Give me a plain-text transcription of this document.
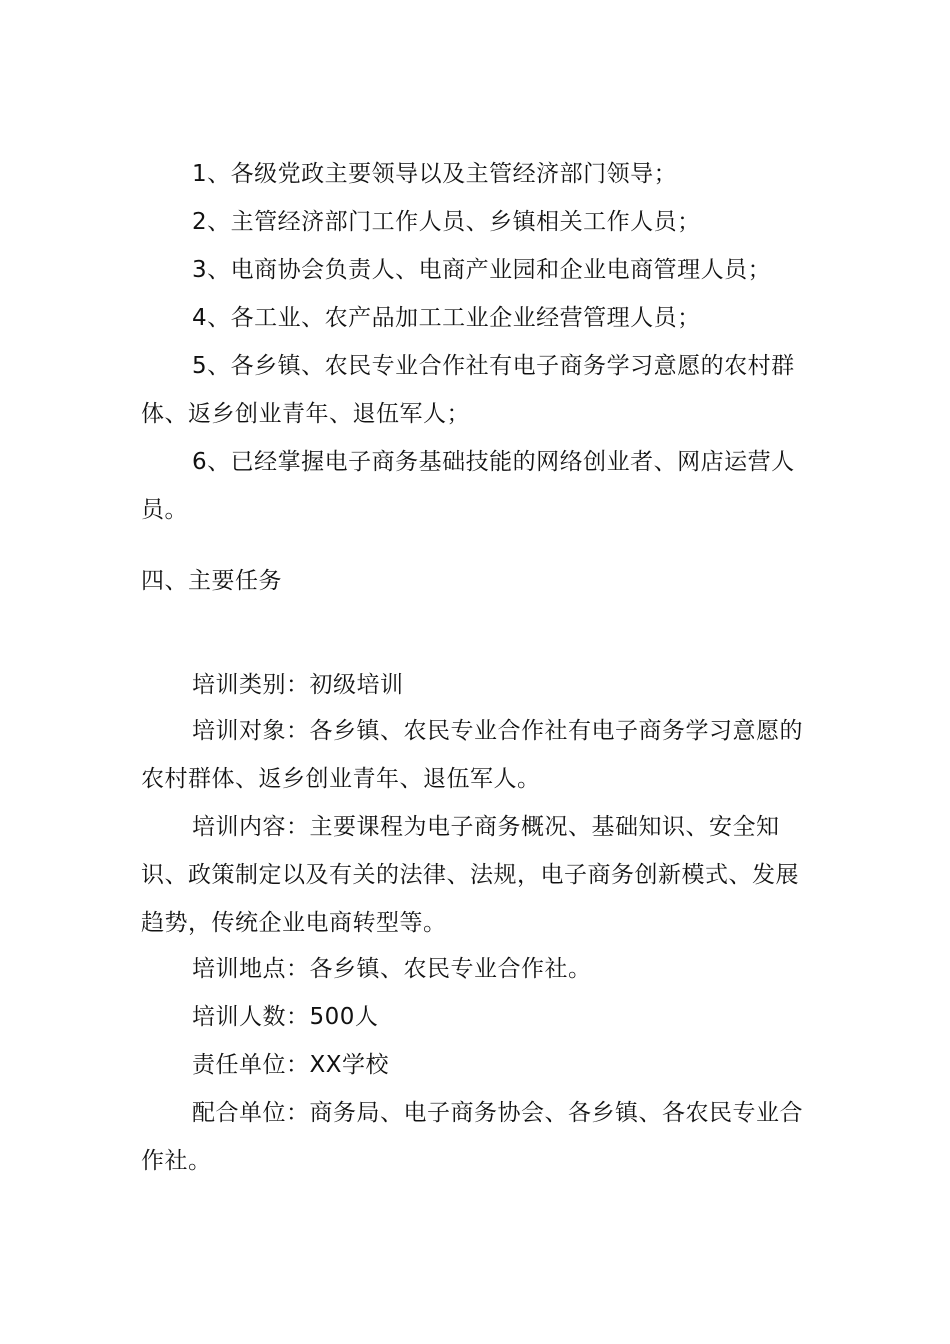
1、各级党政主要领导以及主管经济部门领导；
2、主管经济部门工作人员、乡镇相关工作人员；
3、电商协会负责人、电商产业园和企业电商管理人员；
4、各工业、农产品加工工业企业经营管理人员；
5、各乡镇、农民专业合作社有电子商务学习意愿的农村群体、返乡创业青年、退伍军人；
6、已经掌握电子商务基础技能的网络创业者、网店运营人员。
四、主要任务
培训类别：初级培训
培训对象：各乡镇、农民专业合作社有电子商务学习意愿的农村群体、返乡创业青年、退伍军人。
培训内容：主要课程为电子商务概况、基础知识、安全知识、政策制定以及有关的法律、法规，电子商务创新模式、发展趋势，传统企业电商转型等。
培训地点：各乡镇、农民专业合作社。
培训人数：500人
责任单位：XX学校
配合单位：商务局、电子商务协会、各乡镇、各农民专业合作社。
